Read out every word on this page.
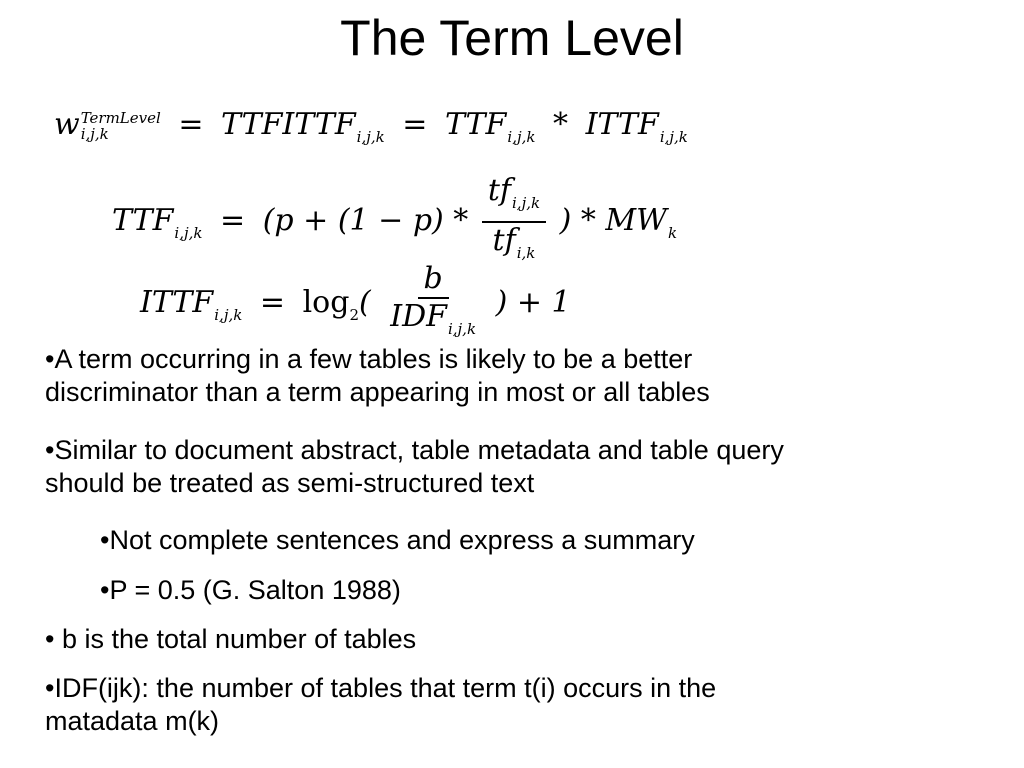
The Term Level
w TermLevel
i,j,k	= $TTFITTF_{i,j,k} = TTF_{i,j,k}$ * $ITTF_{i,j,k}$
$TTF_{i,j,k} = (p + (1 - p) * \frac{tf_{i,j,k}}{tf_{i,k}}$ ) * $MW_k$
$ITTF_{i,j,k} = \log_2( \frac{b}{IDF_{i,j,k}}$ ) + 1
•A term occurring in a few tables is likely to be a better
discriminator than a term appearing in most or all tables
•Similar to document abstract, table metadata and table query
should be treated as semi-structured text
•Not complete sentences and express a summary
•P = 0.5 (G. Salton 1988)
• b is the total number of tables
•IDF(ijk): the number of tables that term t(i) occurs in the
matadata m(k)
